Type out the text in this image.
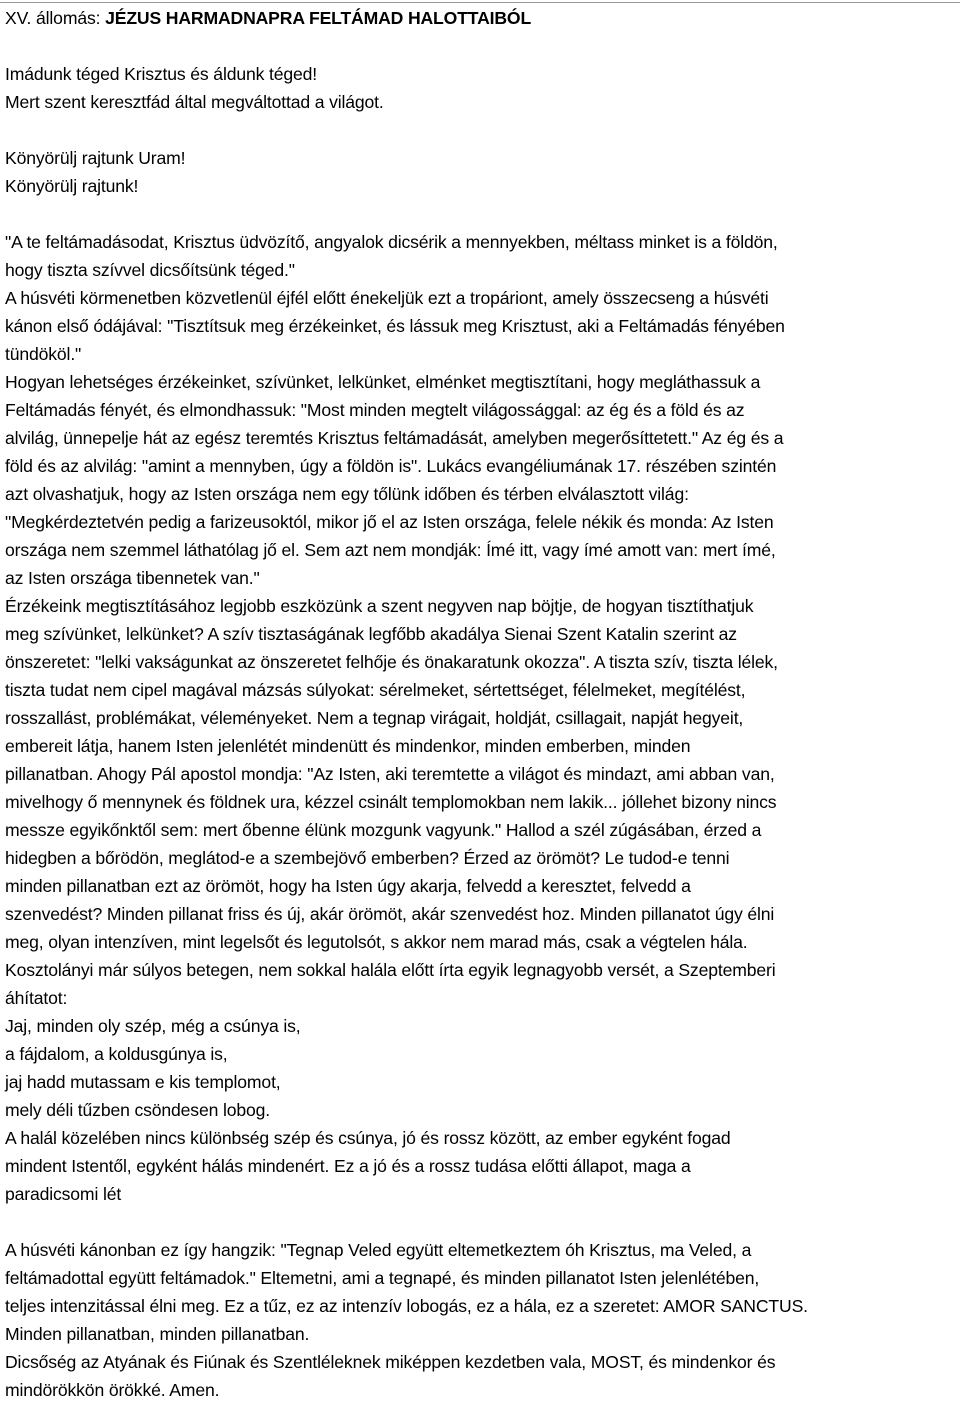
XV. állomás: JÉZUS HARMADNAPRA FELTÁMAD HALOTTAIBÓL
Imádunk téged Krisztus és áldunk téged!
Mert szent keresztfád által megváltottad a világot.
Könyörülj rajtunk Uram!
Könyörülj rajtunk!
"A te feltámadásodat, Krisztus üdvözítő, angyalok dicsérik a mennyekben, méltass minket is a földön,
hogy tiszta szívvel dicsőítsünk téged."
A húsvéti körmenetben közvetlenül éjfél előtt énekeljük ezt a tropáriont, amely összecseng a húsvéti
kánon első ódájával: "Tisztítsuk meg érzékeinket, és lássuk meg Krisztust, aki a Feltámadás fényében
tündököl."
Hogyan lehetséges érzékeinket, szívünket, lelkünket, elménket megtisztítani, hogy megláthassuk a
Feltámadás fényét, és elmondhassuk: "Most minden megtelt világossággal: az ég és a föld és az
alvilág, ünnepelje hát az egész teremtés Krisztus feltámadását, amelyben megerősíttetett." Az ég és a
föld és az alvilág: "amint a mennyben, úgy a földön is". Lukács evangéliumának 17. részében szintén
azt olvashatjuk, hogy az Isten országa nem egy tőlünk időben és térben elválasztott világ:
"Megkérdeztetvén pedig a farizeusoktól, mikor jő el az Isten országa, felele nékik és monda: Az Isten
országa nem szemmel láthatólag jő el. Sem azt nem mondják: Ímé itt, vagy ímé amott van: mert ímé,
az Isten országa tibennetek van."
Érzékeink megtisztításához legjobb eszközünk a szent negyven nap böjtje, de hogyan tisztíthatjuk
meg szívünket, lelkünket? A szív tisztaságának legfőbb akadálya Sienai Szent Katalin szerint az
önszeretet: "lelki vakságunkat az önszeretet felhője és önakaratunk okozza". A tiszta szív, tiszta lélek,
tiszta tudat nem cipel magával mázsás súlyokat: sérelmeket, sértettséget, félelmeket, megítélést,
rosszallást, problémákat, véleményeket. Nem a tegnap virágait, holdját, csillagait, napját hegyeit,
embereit látja, hanem Isten jelenlétét mindenütt és mindenkor, minden emberben, minden
pillanatban. Ahogy Pál apostol mondja: "Az Isten, aki teremtette a világot és mindazt, ami abban van,
mivelhogy ő mennynek és földnek ura, kézzel csinált templomokban nem lakik... jóllehet bizony nincs
messze egyikőnktől sem: mert őbenne élünk mozgunk vagyunk." Hallod a szél zúgásában, érzed a
hidegben a bőrödön, meglátod-e a szembejövő emberben? Érzed az örömöt? Le tudod-e tenni
minden pillanatban ezt az örömöt, hogy ha Isten úgy akarja, felvedd a keresztet, felvedd a
szenvedést? Minden pillanat friss és új, akár örömöt, akár szenvedést hoz. Minden pillanatot úgy élni
meg, olyan intenzíven, mint legelsőt és legutolsót, s akkor nem marad más, csak a végtelen hála.
Kosztolányi már súlyos betegen, nem sokkal halála előtt írta egyik legnagyobb versét, a Szeptemberi
áhítatot:
Jaj, minden oly szép, még a csúnya is,
a fájdalom, a koldusgúnya is,
jaj hadd mutassam e kis templomot,
mely déli tűzben csöndesen lobog.
A halál közelében nincs különbség szép és csúnya, jó és rossz között, az ember egyként fogad
mindent Istentől, egyként hálás mindenért. Ez a jó és a rossz tudása előtti állapot, maga a
paradicsomi lét
A húsvéti kánonban ez így hangzik: "Tegnap Veled együtt eltemetkeztem óh Krisztus, ma Veled, a
feltámadottal együtt feltámadok." Eltemetni, ami a tegnapé, és minden pillanatot Isten jelenlétében,
teljes intenzitással élni meg. Ez a tűz, ez az intenzív lobogás, ez a hála, ez a szeretet: AMOR SANCTUS.
Minden pillanatban, minden pillanatban.
Dicsőség az Atyának és Fiúnak és Szentléleknek miképpen kezdetben vala, MOST, és mindenkor és
mindörökkön örökké. Amen.
